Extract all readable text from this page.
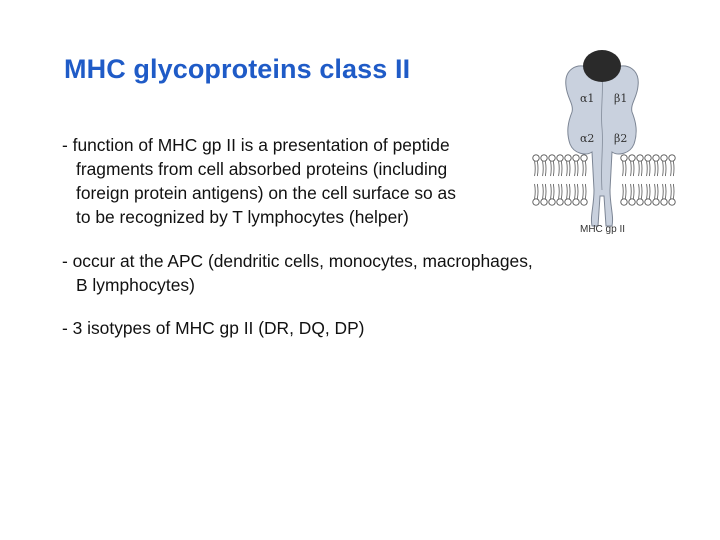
MHC glycoproteins class II
- function of MHC gp II is a presentation of peptide
fragments from cell absorbed proteins (including
foreign protein antigens) on the cell surface so as
to be recognized by T lymphocytes (helper)
- occur at the APC (dendritic cells, monocytes, macrophages,
B lymphocytes)
- 3 isotypes of MHC gp II (DR, DQ, DP)
α1 β1
α2 β2
MHC gp II
